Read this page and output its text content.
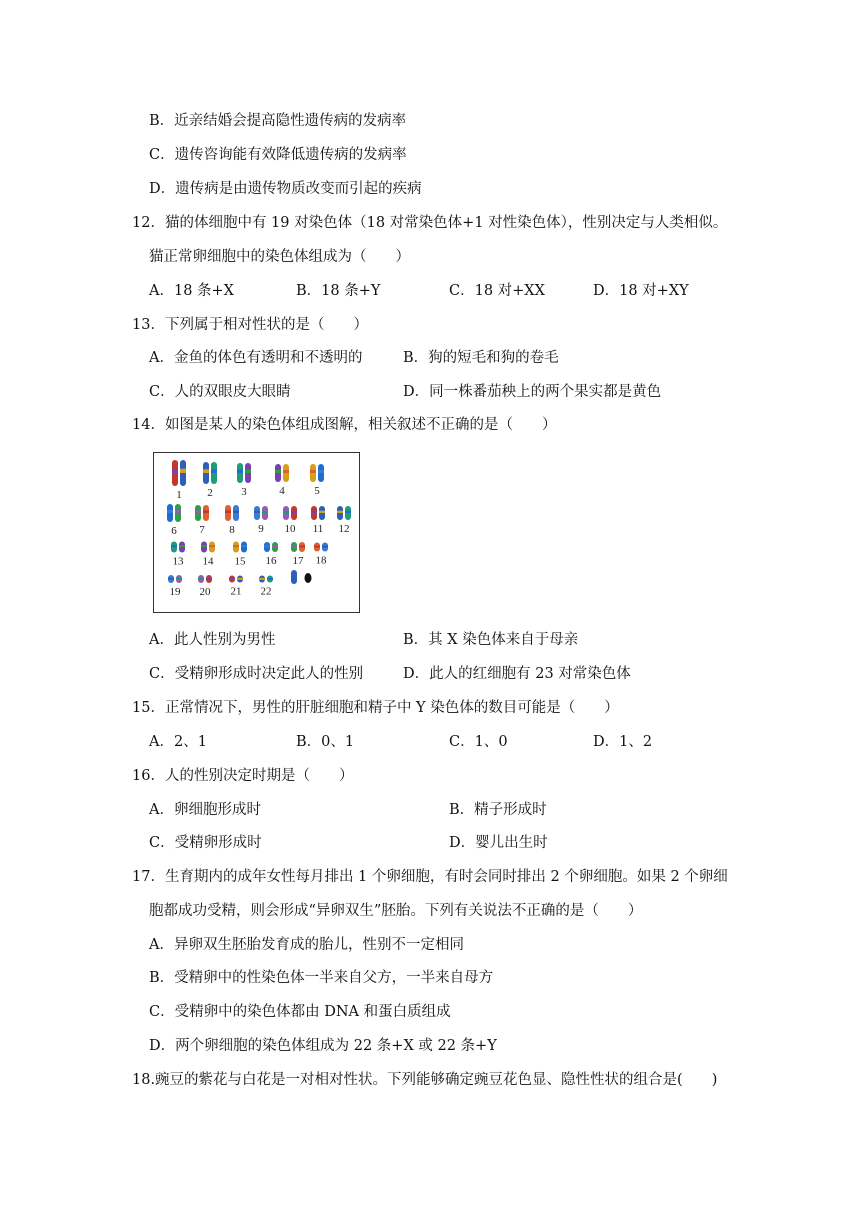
B．近亲结婚会提高隐性遗传病的发病率
C．遗传咨询能有效降低遗传病的发病率
D．遗传病是由遗传物质改变而引起的疾病
12．猫的体细胞中有 19 对染色体（18 对常染色体+1 对性染色体），性别决定与人类相似。
猫正常卵细胞中的染色体组成为（　　）
A．18 条+X	B．18 条+Y	C．18 对+XX	D．18 对+XY
13．下列属于相对性状的是（　　）
A．金鱼的体色有透明和不透明的	B．狗的短毛和狗的卷毛
C．人的双眼皮大眼睛	D．同一株番茄秧上的两个果实都是黄色
14．如图是某人的染色体组成图解，相关叙述不正确的是（　　）
1 2	3	4	5
6 7 8 9 10 11 12
13 14 15 16 17 18
19 20 21 22
A．此人性别为男性	B．其 X 染色体来自于母亲
C．受精卵形成时决定此人的性别	D．此人的红细胞有 23 对常染色体
15．正常情况下，男性的肝脏细胞和精子中 Y 染色体的数目可能是（　　）
A．2、1	B．0、1	C．1、0	D．1、2
16．人的性别决定时期是（　　）
A．卵细胞形成时	B．精子形成时
C．受精卵形成时	D．婴儿出生时
17．生育期内的成年女性每月排出 1 个卵细胞，有时会同时排出 2 个卵细胞。如果 2 个卵细
胞都成功受精，则会形成“异卵双生”胚胎。下列有关说法不正确的是（　　）
A．异卵双生胚胎发育成的胎儿，性别不一定相同
B．受精卵中的性染色体一半来自父方，一半来自母方
C．受精卵中的染色体都由 DNA 和蛋白质组成
D．两个卵细胞的染色体组成为 22 条+X 或 22 条+Y
18.豌豆的紫花与白花是一对相对性状。下列能够确定豌豆花色显、隐性性状的组合是(　　)
